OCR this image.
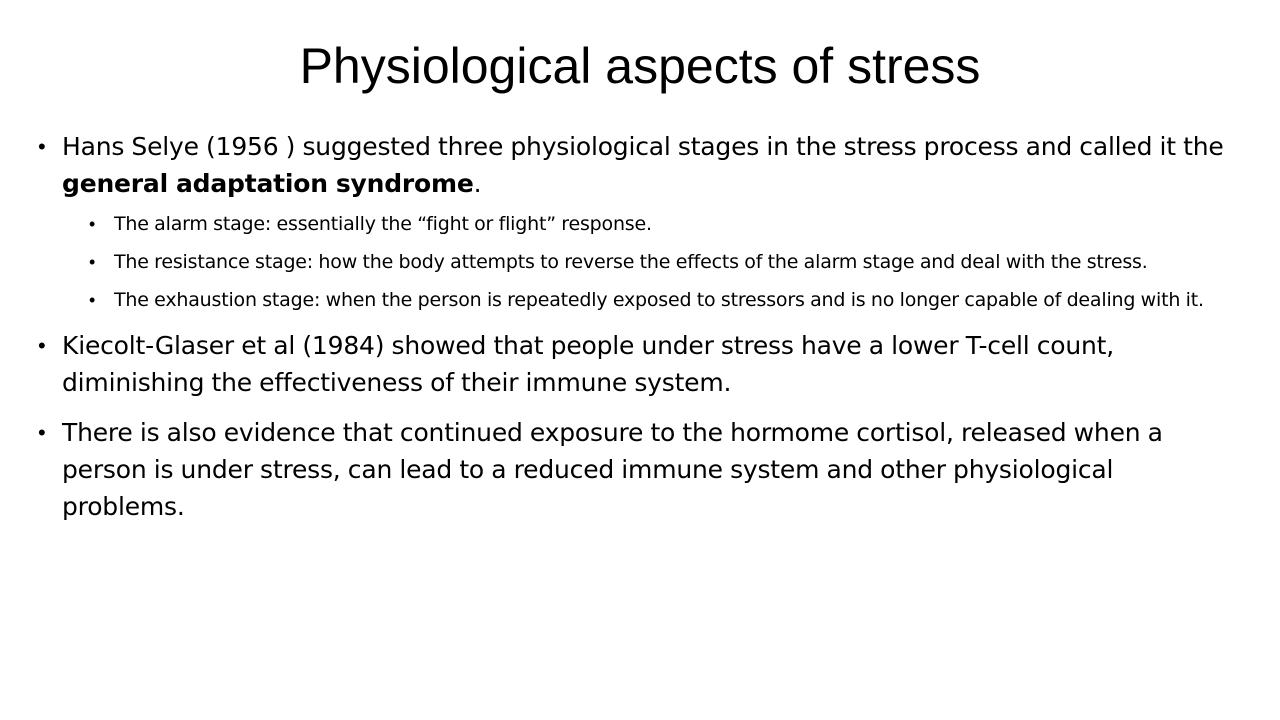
Physiological aspects of stress
• Hans Selye (1956 ) suggested three physiological stages in the stress process and called it the general adaptation syndrome.
• The alarm stage: essentially the “fight or flight” response.
• The resistance stage: how the body attempts to reverse the effects of the alarm stage and deal with the stress.
• The exhaustion stage: when the person is repeatedly exposed to stressors and is no longer capable of dealing with it.
• Kiecolt-Glaser et al (1984) showed that people under stress have a lower T-cell count, diminishing the effectiveness of their immune system.
• There is also evidence that continued exposure to the hormome cortisol, released when a person is under stress, can lead to a reduced immune system and other physiological problems.
